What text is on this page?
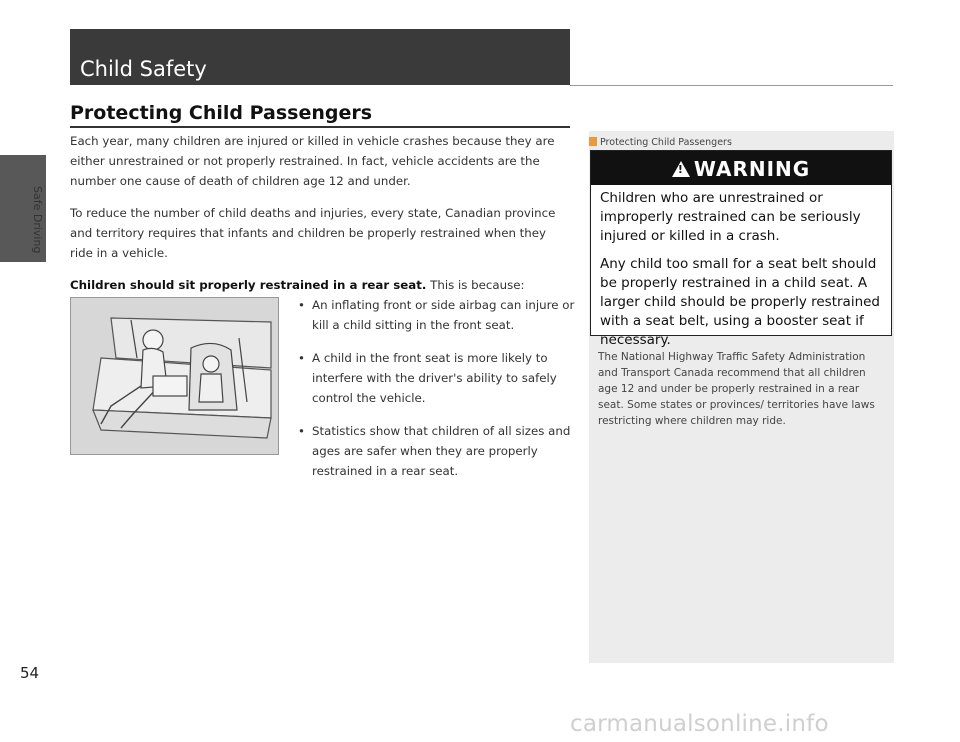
Safe Driving
Child Safety
Protecting Child Passengers

Each year, many children are injured or killed in vehicle crashes because they are either unrestrained or not properly restrained. In fact, vehicle accidents are the number one cause of death of children age 12 and under.

To reduce the number of child deaths and injuries, every state, Canadian province and territory requires that infants and children be properly restrained when they ride in a vehicle.

Children should sit properly restrained in a rear seat. This is because:

• An inflating front or side airbag can injure or kill a child sitting in the front seat.
• A child in the front seat is more likely to interfere with the driver's ability to safely control the vehicle.
• Statistics show that children of all sizes and ages are safer when they are properly restrained in a rear seat.
Protecting Child Passengers
!WARNING

Children who are unrestrained or improperly restrained can be seriously injured or killed in a crash.

Any child too small for a seat belt should be properly restrained in a child seat. A larger child should be properly restrained with a seat belt, using a booster seat if necessary.

The National Highway Traffic Safety Administration and Transport Canada recommend that all children age 12 and under be properly restrained in a rear seat. Some states or provinces/ territories have laws restricting where children may ride.

54
carmanualsonline.info
